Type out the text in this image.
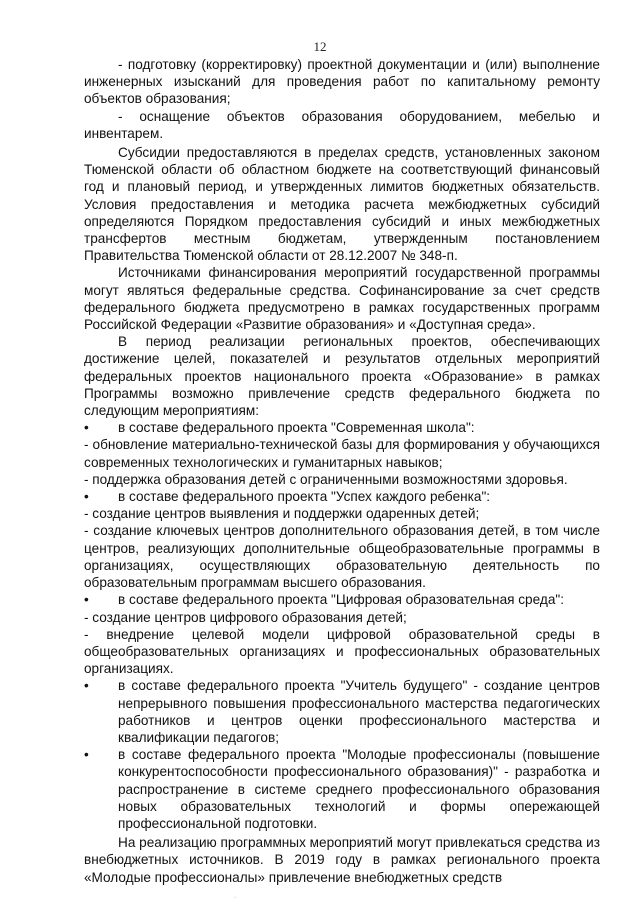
12

- подготовку (корректировку) проектной документации и (или) выполнение инженерных изысканий для проведения работ по капитальному ремонту объектов образования;

- оснащение объектов образования оборудованием, мебелью и инвентарем.

Субсидии предоставляются в пределах средств, установленных законом Тюменской области об областном бюджете на соответствующий финансовый год и плановый период, и утвержденных лимитов бюджетных обязательств. Условия предоставления и методика расчета межбюджетных субсидий определяются Порядком предоставления субсидий и иных межбюджетных трансфертов местным бюджетам, утвержденным постановлением Правительства Тюменской области от 28.12.2007 № 348-п.

Источниками финансирования мероприятий государственной программы могут являться федеральные средства. Софинансирование за счет средств федерального бюджета предусмотрено в рамках государственных программ Российской Федерации «Развитие образования» и «Доступная среда».

В период реализации региональных проектов, обеспечивающих достижение целей, показателей и результатов отдельных мероприятий федеральных проектов национального проекта «Образование» в рамках Программы возможно привлечение средств федерального бюджета по следующим мероприятиям:

•	в составе федерального проекта "Современная школа":

- обновление материально-технической базы для формирования у обучающихся современных технологических и гуманитарных навыков;

- поддержка образования детей с ограниченными возможностями здоровья.

•	в составе федерального проекта "Успех каждого ребенка":

- создание центров выявления и поддержки одаренных детей;

- создание ключевых центров дополнительного образования детей, в том числе центров, реализующих дополнительные общеобразовательные программы в организациях, осуществляющих образовательную деятельность по образовательным программам высшего образования.

•	в составе федерального проекта "Цифровая образовательная среда":

- создание центров цифрового образования детей;

- внедрение целевой модели цифровой образовательной среды в общеобразовательных организациях и профессиональных образовательных организациях.

•	в составе федерального проекта "Учитель будущего" - создание центров непрерывного повышения профессионального мастерства педагогических работников и центров оценки профессионального мастерства и квалификации педагогов;
•	в составе федерального проекта "Молодые профессионалы (повышение конкурентоспособности профессионального образования)" - разработка и распространение в системе среднего профессионального образования новых образовательных технологий и формы опережающей профессиональной подготовки.

На реализацию программных мероприятий могут привлекаться средства из внебюджетных источников. В 2019 году в рамках регионального проекта «Молодые профессионалы» привлечение внебюджетных средств

·
